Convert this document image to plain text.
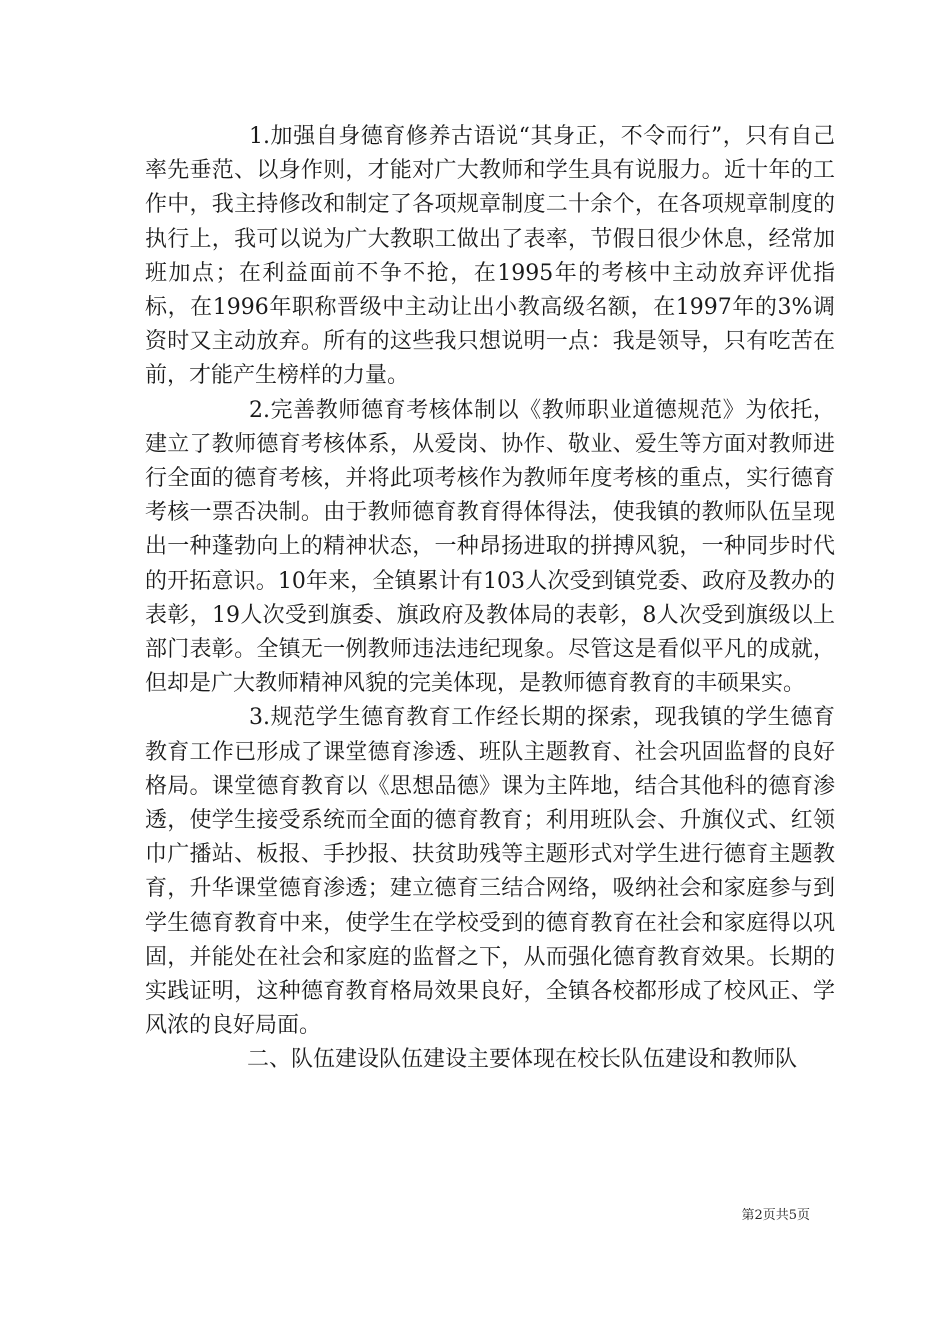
1.加强自身德育修养古语说“其身正，不令而行”，只有自己率先垂范、以身作则，才能对广大教师和学生具有说服力。近十年的工作中，我主持修改和制定了各项规章制度二十余个，在各项规章制度的执行上，我可以说为广大教职工做出了表率，节假日很少休息，经常加班加点；在利益面前不争不抢，在1995年的考核中主动放弃评优指标，在1996年职称晋级中主动让出小教高级名额，在1997年的3%调资时又主动放弃。所有的这些我只想说明一点：我是领导，只有吃苦在前，才能产生榜样的力量。

2.完善教师德育考核体制以《教师职业道德规范》为依托，建立了教师德育考核体系，从爱岗、协作、敬业、爱生等方面对教师进行全面的德育考核，并将此项考核作为教师年度考核的重点，实行德育考核一票否决制。由于教师德育教育得体得法，使我镇的教师队伍呈现出一种蓬勃向上的精神状态，一种昂扬进取的拼搏风貌，一种同步时代的开拓意识。10年来，全镇累计有103人次受到镇党委、政府及教办的表彰，19人次受到旗委、旗政府及教体局的表彰，8人次受到旗级以上部门表彰。全镇无一例教师违法违纪现象。尽管这是看似平凡的成就，但却是广大教师精神风貌的完美体现，是教师德育教育的丰硕果实。

3.规范学生德育教育工作经长期的探索，现我镇的学生德育教育工作已形成了课堂德育渗透、班队主题教育、社会巩固监督的良好格局。课堂德育教育以《思想品德》课为主阵地，结合其他科的德育渗透，使学生接受系统而全面的德育教育；利用班队会、升旗仪式、红领巾广播站、板报、手抄报、扶贫助残等主题形式对学生进行德育主题教育，升华课堂德育渗透；建立德育三结合网络，吸纳社会和家庭参与到学生德育教育中来，使学生在学校受到的德育教育在社会和家庭得以巩固，并能处在社会和家庭的监督之下，从而强化德育教育效果。长期的实践证明，这种德育教育格局效果良好，全镇各校都形成了校风正、学风浓的良好局面。

二、队伍建设队伍建设主要体现在校长队伍建设和教师队

第2页共5页
